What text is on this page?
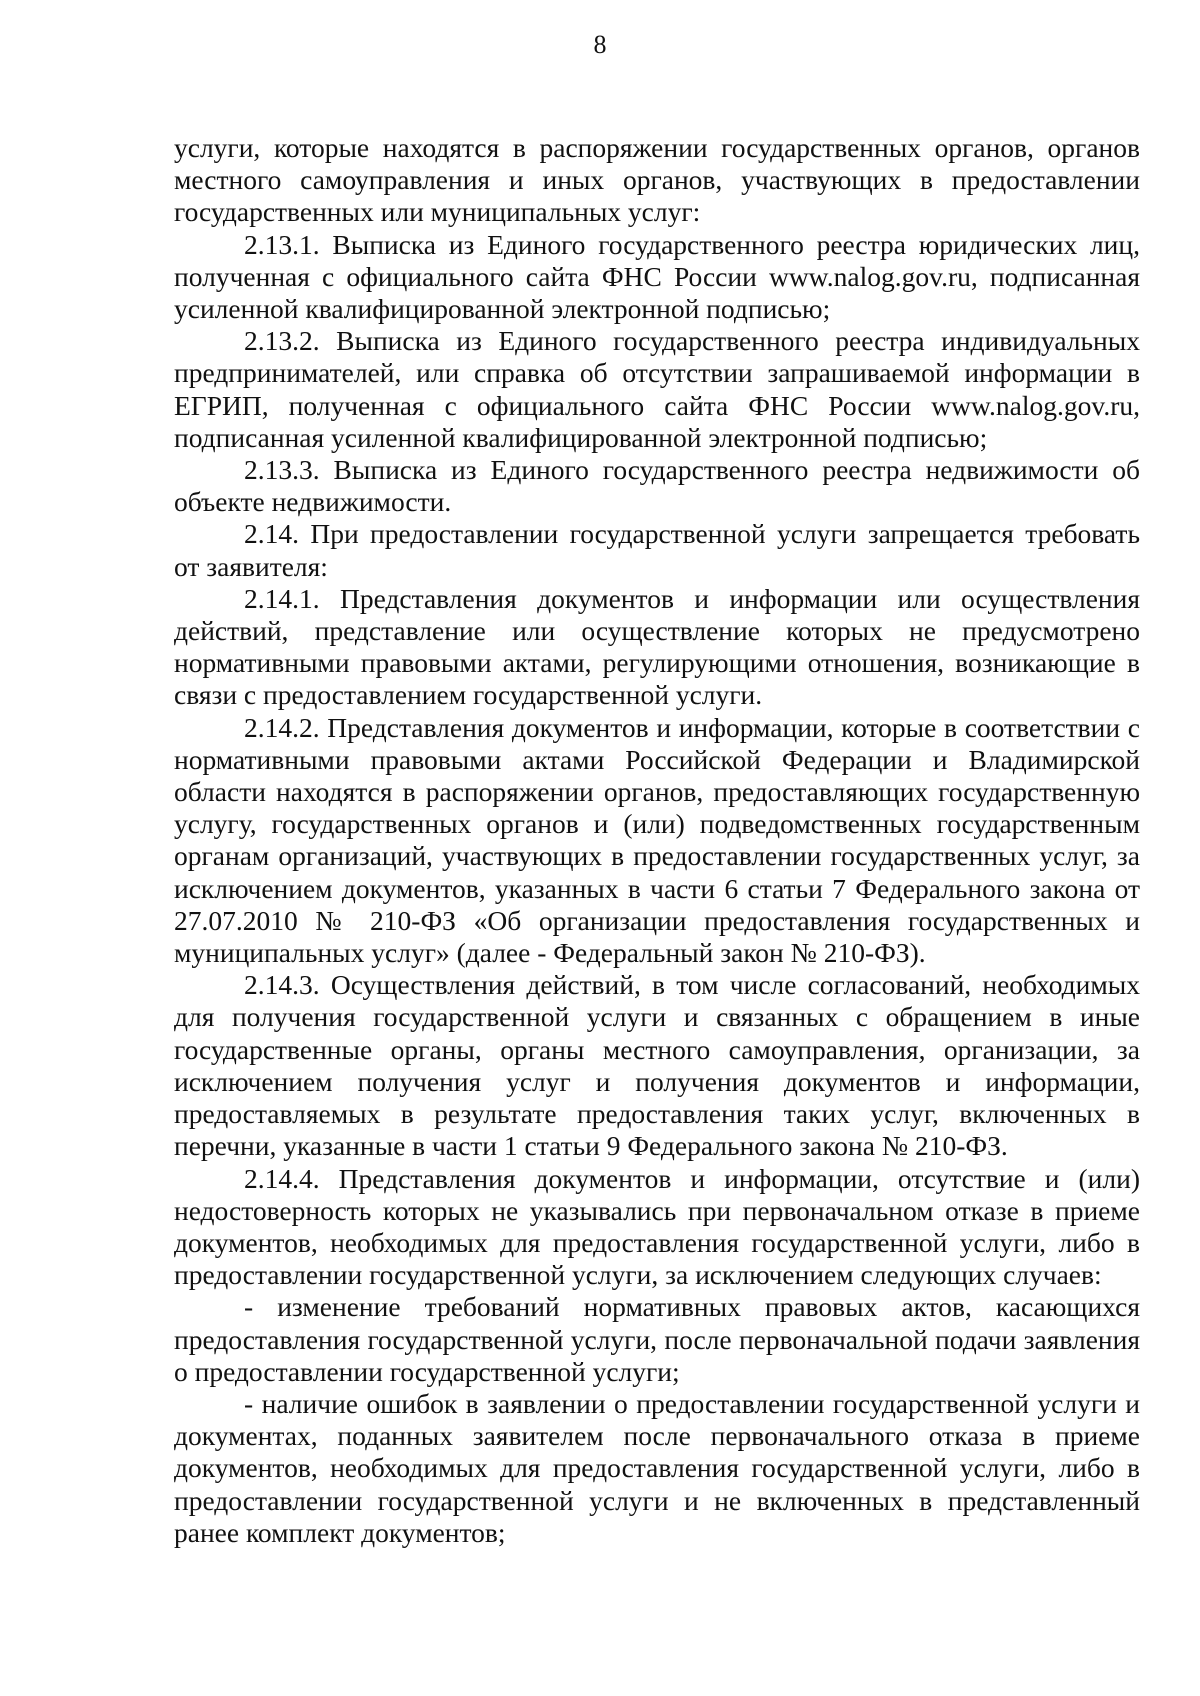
8

услуги, которые находятся в распоряжении государственных органов, органов местного самоуправления и иных органов, участвующих в предоставлении государственных или муниципальных услуг:

2.13.1. Выписка из Единого государственного реестра юридических лиц, полученная с официального сайта ФНС России www.nalog.gov.ru, подписанная усиленной квалифицированной электронной подписью;

2.13.2. Выписка из Единого государственного реестра индивидуальных предпринимателей, или справка об отсутствии запрашиваемой информации в ЕГРИП, полученная с официального сайта ФНС России www.nalog.gov.ru, подписанная усиленной квалифицированной электронной подписью;

2.13.3. Выписка из Единого государственного реестра недвижимости об объекте недвижимости.

2.14. При предоставлении государственной услуги запрещается требовать от заявителя:

2.14.1. Представления документов и информации или осуществления действий, представление или осуществление которых не предусмотрено нормативными правовыми актами, регулирующими отношения, возникающие в связи с предоставлением государственной услуги.

2.14.2. Представления документов и информации, которые в соответствии с нормативными правовыми актами Российской Федерации и Владимирской области находятся в распоряжении органов, предоставляющих государственную услугу, государственных органов и (или) подведомственных государственным органам организаций, участвующих в предоставлении государственных услуг, за исключением документов, указанных в части 6 статьи 7 Федерального закона от 27.07.2010 № 210-ФЗ «Об организации предоставления государственных и муниципальных услуг» (далее - Федеральный закон № 210-ФЗ).

2.14.3. Осуществления действий, в том числе согласований, необходимых для получения государственной услуги и связанных с обращением в иные государственные органы, органы местного самоуправления, организации, за исключением получения услуг и получения документов и информации, предоставляемых в результате предоставления таких услуг, включенных в перечни, указанные в части 1 статьи 9 Федерального закона № 210-ФЗ.

2.14.4. Представления документов и информации, отсутствие и (или) недостоверность которых не указывались при первоначальном отказе в приеме документов, необходимых для предоставления государственной услуги, либо в предоставлении государственной услуги, за исключением следующих случаев:

- изменение требований нормативных правовых актов, касающихся предоставления государственной услуги, после первоначальной подачи заявления о предоставлении государственной услуги;

- наличие ошибок в заявлении о предоставлении государственной услуги и документах, поданных заявителем после первоначального отказа в приеме документов, необходимых для предоставления государственной услуги, либо в предоставлении государственной услуги и не включенных в представленный ранее комплект документов;
